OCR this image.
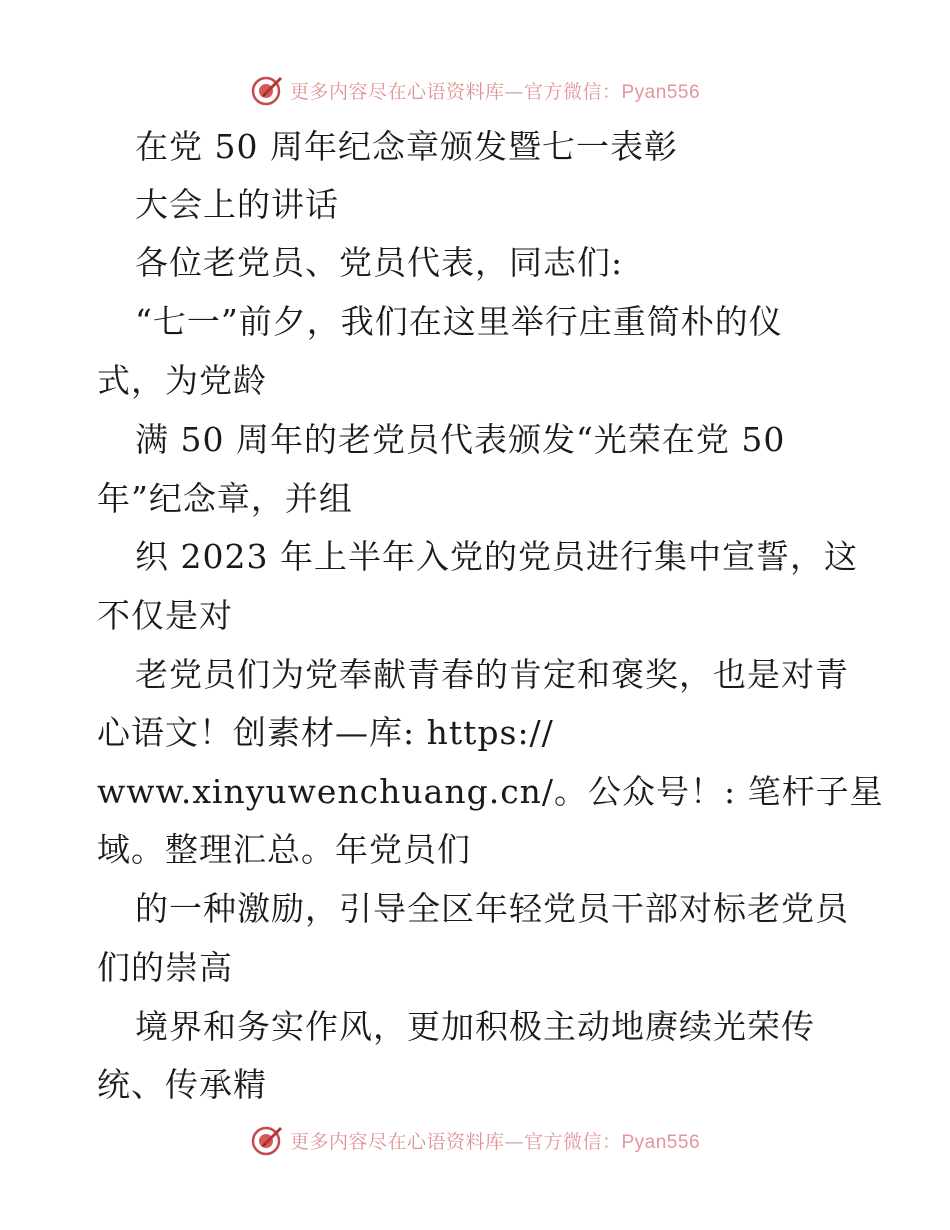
更多内容尽在心语资料库—官方微信：Pyan556
在党 50 周年纪念章颁发暨七一表彰
大会上的讲话
各位老党员、党员代表，同志们:
“七一”前夕，我们在这里举行庄重简朴的仪
式，为党龄
满 50 周年的老党员代表颁发“光荣在党 50
年”纪念章，并组
织 2023 年上半年入党的党员进行集中宣誓，这
不仅是对
老党员们为党奉献青春的肯定和褒奖，也是对青
心语文！创素材—库: https://
www.xinyuwenchuang.cn/。公众号！: 笔杆子星
域。整理汇总。年党员们
的一种激励，引导全区年轻党员干部对标老党员
们的崇高
境界和务实作风，更加积极主动地赓续光荣传
统、传承精
更多内容尽在心语资料库—官方微信：Pyan556
